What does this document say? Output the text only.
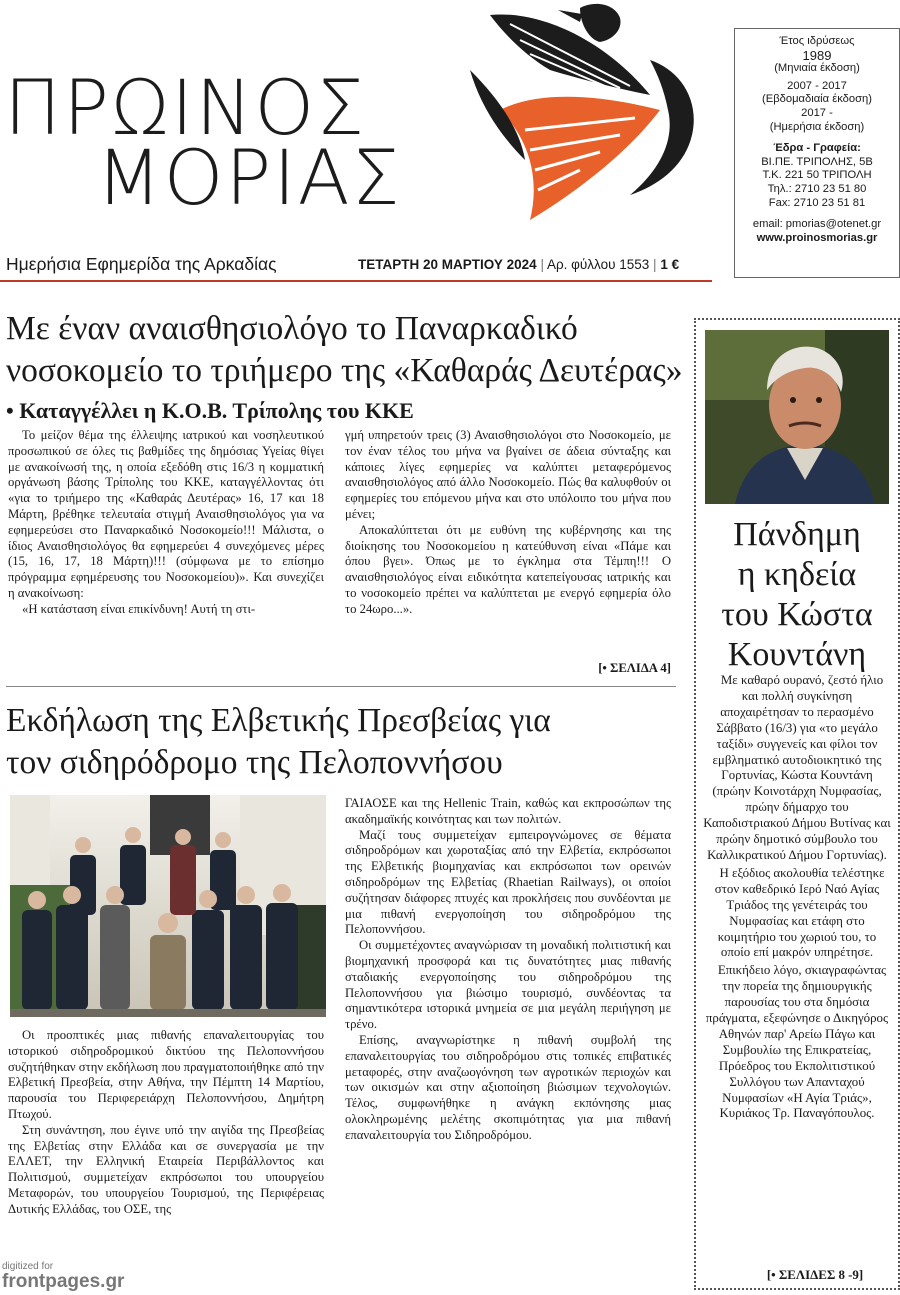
ΠΡΩΙΝΟΣ
ΜΟΡΙΑΣ
Ημερήσια Εφημερίδα της Αρκαδίας	ΤΕΤΑΡΤΗ 20 ΜΑΡΤΙΟΥ 2024 | Αρ. φύλλου 1553 | 1 €
Έτος ιδρύσεως
1989
(Μηνιαία έκδοση)
2007 - 2017
(Εβδομαδιαία έκδοση)
2017 -
(Ημερήσια έκδοση)
Έδρα - Γραφεία:
ΒΙ.ΠΕ. ΤΡΙΠΟΛΗΣ, 5Β
Τ.Κ. 221 50 ΤΡΙΠΟΛΗ
Τηλ.: 2710 23 51 80
Fax: 2710 23 51 81
email: pmorias@otenet.gr
www.proinosmorias.gr
Με έναν αναισθησιολόγο το Παναρκαδικό
νοσοκομείο το τριήμερο της «Καθαράς Δευτέρας»
• Καταγγέλλει η Κ.Ο.Β. Τρίπολης του ΚΚΕ

Το μείζον θέμα της έλλειψης ιατρικού και νοσηλευτικού προσωπικού σε όλες τις βαθμίδες της δημόσιας Υγείας θίγει με ανακοίνωσή της, η οποία εξεδόθη στις 16/3 η κομματική οργάνωση βάσης Τρίπολης του ΚΚΕ, καταγγέλλοντας ότι «για το τριήμερο της «Καθαράς Δευτέρας» 16, 17 και 18 Μάρτη, βρέθηκε τελευταία στιγμή Αναισθησιολόγος για να εφημερεύσει στο Παναρκαδικό Νοσοκομείο!!! Μάλιστα, ο ίδιος Αναισθησιολόγος θα εφημερεύει 4 συνεχόμενες μέρες (15, 16, 17, 18 Μάρτη)!!! (σύμφωνα με το επίσημο πρόγραμμα εφημέρευσης του Νοσοκομείου)». Και συνεχίζει η ανακοίνωση:

«Η κατάσταση είναι επικίνδυνη! Αυτή τη στι-

γμή υπηρετούν τρεις (3) Αναισθησιολόγοι στο Νοσοκομείο, με τον έναν τέλος του μήνα να βγαίνει σε άδεια σύνταξης και κάποιες λίγες εφημερίες να καλύπτει μεταφερόμενος αναισθησιολόγος από άλλο Νοσοκομείο. Πώς θα καλυφθούν οι εφημερίες του επόμενου μήνα και στο υπόλοιπο του μήνα που μένει;

Αποκαλύπτεται ότι με ευθύνη της κυβέρνησης και της διοίκησης του Νοσοκομείου η κατεύθυνση είναι «Πάμε και όπου βγει». Όπως με το έγκλημα στα Τέμπη!!! Ο αναισθησιολόγος είναι ειδικότητα κατεπείγουσας ιατρικής και το νοσοκομείο πρέπει να καλύπτεται με ενεργό εφημερία όλο το 24ωρο...».

[• ΣΕΛΙΔΑ 4]
Εκδήλωση της Ελβετικής Πρεσβείας για
τον σιδηρόδρομο της Πελοποννήσου

Οι προοπτικές μιας πιθανής επαναλειτουργίας του ιστορικού σιδηροδρομικού δικτύου της Πελοποννήσου συζητήθηκαν στην εκδήλωση που πραγματοποιήθηκε από την Ελβετική Πρεσβεία, στην Αθήνα, την Πέμπτη 14 Μαρτίου, παρουσία του Περιφερειάρχη Πελοποννήσου, Δημήτρη Πτωχού.

Στη συνάντηση, που έγινε υπό την αιγίδα της Πρεσβείας της Ελβετίας στην Ελλάδα και σε συνεργασία με την ΕΛΛΕΤ, την Ελληνική Εταιρεία Περιβάλλοντος και Πολιτισμού, συμμετείχαν εκπρόσωποι του υπουργείου Μεταφορών, του υπουργείου Τουρισμού, της Περιφέρειας Δυτικής Ελλάδας, του ΟΣΕ, της

ΓΑΙΑΟΣΕ και της Hellenic Train, καθώς και εκπροσώπων της ακαδημαϊκής κοινότητας και των πολιτών.

Μαζί τους συμμετείχαν εμπειρογνώμονες σε θέματα σιδηροδρόμων και χωροταξίας από την Ελβετία, εκπρόσωποι της Ελβετικής βιομηχανίας και εκπρόσωποι των ορεινών σιδηροδρόμων της Ελβετίας (Rhaetian Railways), οι οποίοι συζήτησαν διάφορες πτυχές και προκλήσεις που συνδέονται με μια πιθανή ενεργοποίηση του σιδηροδρόμου της Πελοποννήσου.

Οι συμμετέχοντες αναγνώρισαν τη μοναδική πολιτιστική και βιομηχανική προσφορά και τις δυνατότητες μιας πιθανής σταδιακής ενεργοποίησης του σιδηροδρόμου της Πελοποννήσου για βιώσιμο τουρισμό, συνδέοντας τα σημαντικότερα ιστορικά μνημεία σε μια μεγάλη περιήγηση με τρένο.

Επίσης, αναγνωρίστηκε η πιθανή συμβολή της επαναλειτουργίας του σιδηροδρόμου στις τοπικές επιβατικές μεταφορές, στην αναζωογόνηση των αγροτικών περιοχών και των οικισμών και στην αξιοποίηση βιώσιμων τεχνολογιών. Τέλος, συμφωνήθηκε η ανάγκη εκπόνησης μιας ολοκληρωμένης μελέτης σκοπιμότητας για μια πιθανή επαναλειτουργία του Σιδηροδρόμου.

Πάνδημη
η κηδεία
του Κώστα
Κουντάνη

Με καθαρό ουρανό, ζεστό ήλιο και πολλή συγκίνηση αποχαιρέτησαν το περασμένο Σάββατο (16/3) για «το μεγάλο ταξίδι» συγγενείς και φίλοι τον εμβληματικό αυτοδιοικητικό της Γορτυνίας, Κώστα Κουντάνη (πρώην Κοινοτάρχη Νυμφασίας, πρώην δήμαρχο του Καποδιστριακού Δήμου Βυτίνας και πρώην δημοτικό σύμβουλο του Καλλικρατικού Δήμου Γορτυνίας).

Η εξόδιος ακολουθία τελέστηκε στον καθεδρικό Ιερό Ναό Αγίας Τριάδος της γενέτειράς του Νυμφασίας και ετάφη στο κοιμητήριο του χωριού του, το οποίο επί μακρόν υπηρέτησε.

Επικήδειο λόγο, σκιαγραφώντας την πορεία της δημιουργικής παρουσίας του στα δημόσια πράγματα, εξεφώνησε ο Δικηγόρος Αθηνών παρ' Αρείω Πάγω και Συμβουλίω της Επικρατείας, Πρόεδρος του Εκπολιτιστικού Συλλόγου των Απανταχού Νυμφασίων «Η Αγία Τριάς», Κυριάκος Τρ. Παναγόπουλος.

[• ΣΕΛΙΔΕΣ 8 -9]
digitized for
frontpages.gr
